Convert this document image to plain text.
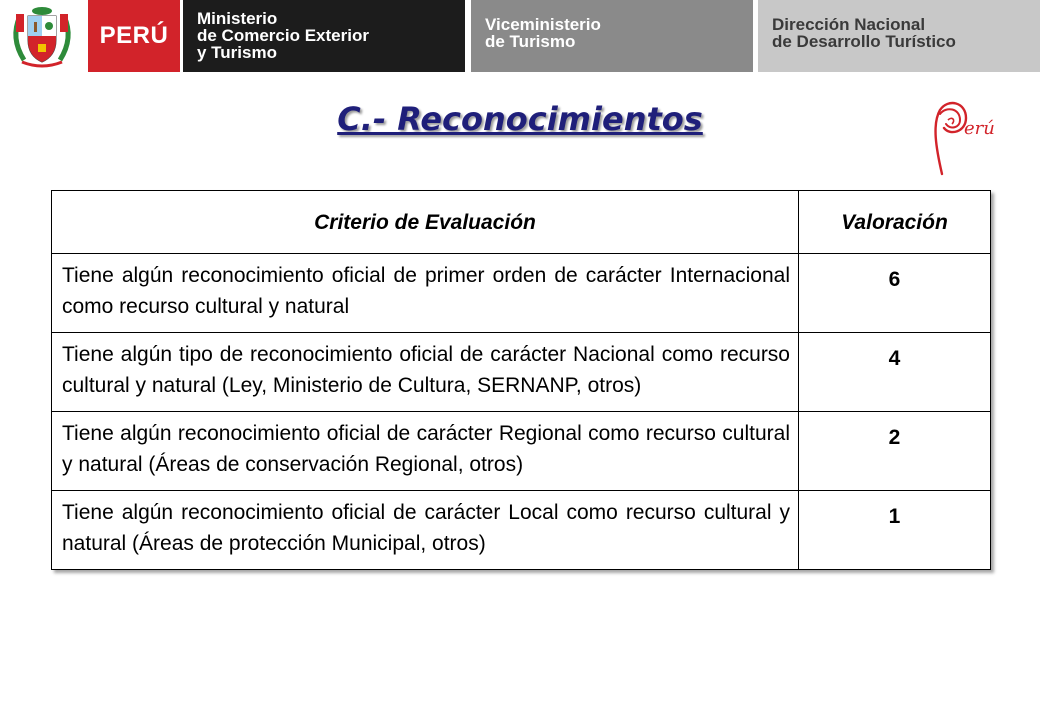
PERÚ
Ministerio
de Comercio Exterior
y Turismo
Viceministerio
de Turismo
Dirección Nacional
de Desarrollo Turístico
C.- Reconocimientos	erú
Criterio de Evaluación	Valoración
Tiene algún reconocimiento oficial de primer orden de carácter Internacional como recurso cultural y natural	6
Tiene algún tipo de reconocimiento oficial de carácter Nacional como recurso cultural y natural (Ley, Ministerio de Cultura, SERNANP, otros)	4
Tiene algún reconocimiento oficial de carácter Regional como recurso cultural y natural (Áreas de conservación Regional, otros)	2
Tiene algún reconocimiento oficial de carácter Local como recurso cultural y natural (Áreas de protección Municipal, otros)	1
